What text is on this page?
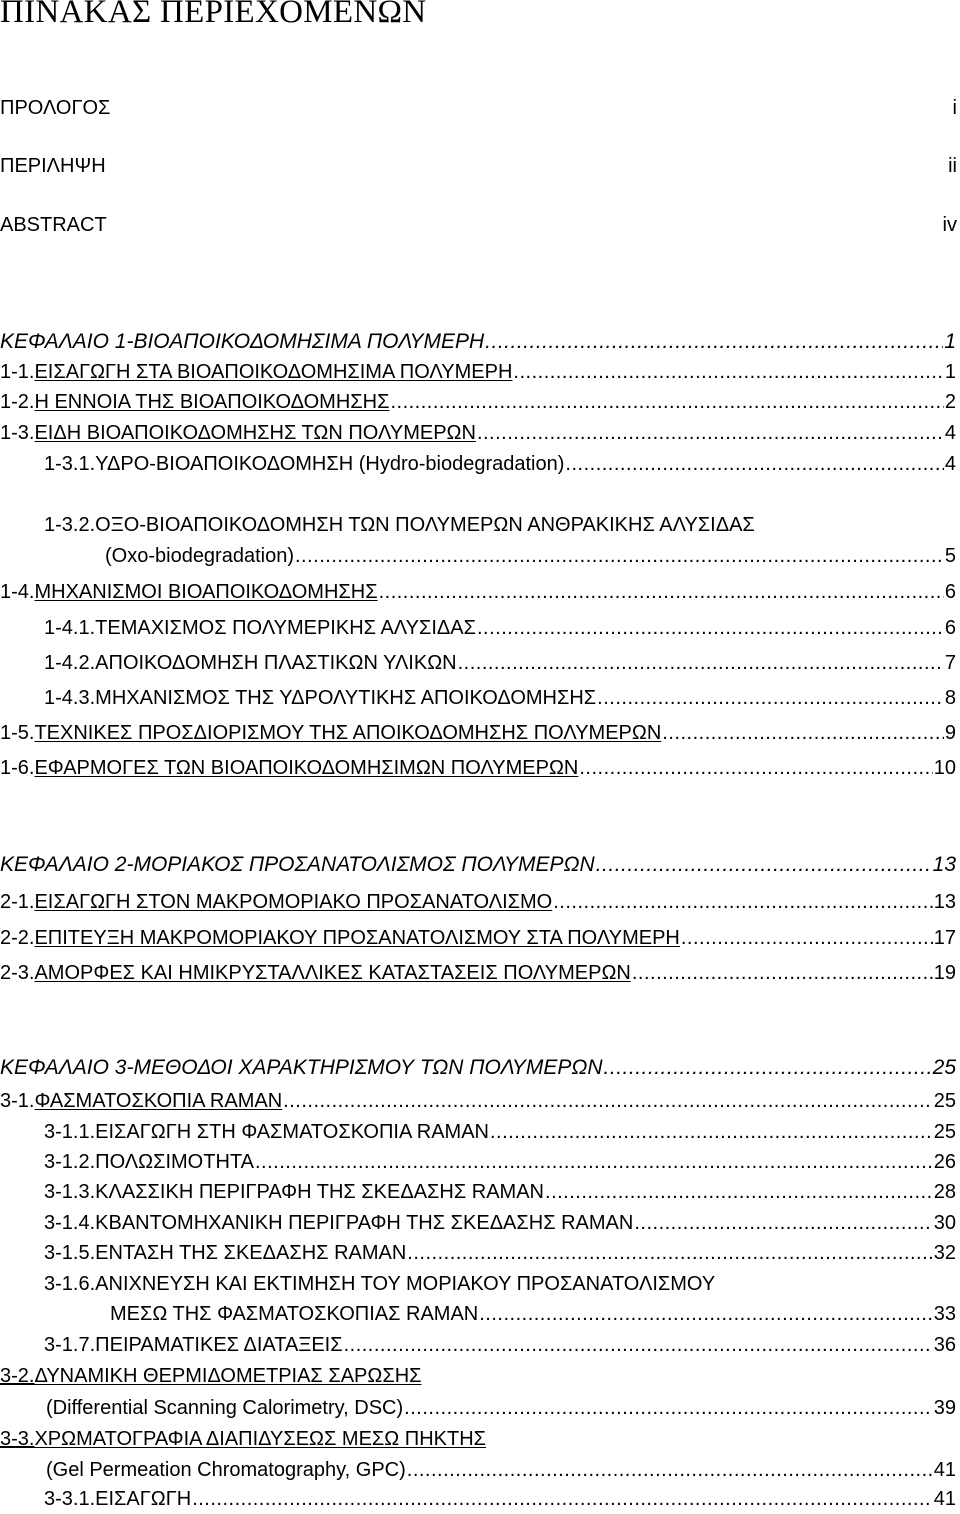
ΠΙΝΑΚΑΣ ΠΕΡΙΕΧΟΜΕΝΩΝ
ΠΡΟΛΟΓΟΣ	i
ΠΕΡΙΛΗΨΗ	ii
ABSTRACT	iv
ΚΕΦΑΛΑΙΟ 1-ΒΙΟΑΠΟΙΚΟΔΟΜΗΣΙΜΑ ΠΟΛΥΜΕΡΗ .....	1
1-1. ΕΙΣΑΓΩΓΗ ΣΤΑ ΒΙΟΑΠΟΙΚΟΔΟΜΗΣΙΜΑ ΠΟΛΥΜΕΡΗ .....	1
1-2. Η ΕΝΝΟΙΑ ΤΗΣ ΒΙΟΑΠΟΙΚΟΔΟΜΗΣΗΣ .....	2
1-3. ΕΙΔΗ ΒΙΟΑΠΟΙΚΟΔΟΜΗΣΗΣ ΤΩΝ ΠΟΛΥΜΕΡΩΝ .....	4
1-3.1. ΥΔΡΟ-ΒΙΟΑΠΟΙΚΟΔΟΜΗΣΗ (Hydro-biodegradation) .....	4
1-3.2. ΟΞΟ-ΒΙΟΑΠΟΙΚΟΔΟΜΗΣΗ ΤΩΝ ΠΟΛΥΜΕΡΩΝ ΑΝΘΡΑΚΙΚΗΣ ΑΛΥΣΙΔΑΣ
(Oxo-biodegradation) .....	5
1-4. ΜΗΧΑΝΙΣΜΟΙ ΒΙΟΑΠΟΙΚΟΔΟΜΗΣΗΣ .....	6
1-4.1. ΤΕΜΑΧΙΣΜΟΣ ΠΟΛΥΜΕΡΙΚΗΣ ΑΛΥΣΙΔΑΣ .....	6
1-4.2. ΑΠΟΙΚΟΔΟΜΗΣΗ ΠΛΑΣΤΙΚΩΝ ΥΛΙΚΩΝ .....	7
1-4.3. ΜΗΧΑΝΙΣΜΟΣ ΤΗΣ ΥΔΡΟΛΥΤΙΚΗΣ ΑΠΟΙΚΟΔΟΜΗΣΗΣ .....	8
1-5. ΤΕΧΝΙΚΕΣ ΠΡΟΣΔΙΟΡΙΣΜΟΥ ΤΗΣ ΑΠΟΙΚΟΔΟΜΗΣΗΣ ΠΟΛΥΜΕΡΩΝ .....	9
1-6. ΕΦΑΡΜΟΓΕΣ ΤΩΝ ΒΙΟΑΠΟΙΚΟΔΟΜΗΣΙΜΩΝ ΠΟΛΥΜΕΡΩΝ .....	10
ΚΕΦΑΛΑΙΟ 2-ΜΟΡΙΑΚΟΣ ΠΡΟΣΑΝΑΤΟΛΙΣΜΟΣ ΠΟΛΥΜΕΡΩΝ .....	13
2-1. ΕΙΣΑΓΩΓΗ ΣΤΟΝ ΜΑΚΡΟΜΟΡΙΑΚΟ ΠΡΟΣΑΝΑΤΟΛΙΣΜΟ .....	13
2-2. ΕΠΙΤΕΥΞΗ ΜΑΚΡΟΜΟΡΙΑΚΟΥ ΠΡΟΣΑΝΑΤΟΛΙΣΜΟΥ ΣΤΑ ΠΟΛΥΜΕΡΗ .....	17
2-3. ΑΜΟΡΦΕΣ ΚΑΙ ΗΜΙΚΡΥΣΤΑΛΛΙΚΕΣ ΚΑΤΑΣΤΑΣΕΙΣ ΠΟΛΥΜΕΡΩΝ .....	19
ΚΕΦΑΛΑΙΟ 3-ΜΕΘΟΔΟΙ ΧΑΡΑΚΤΗΡΙΣΜΟΥ ΤΩΝ ΠΟΛΥΜΕΡΩΝ .....	25
3-1. ΦΑΣΜΑΤΟΣΚΟΠΙΑ RAMAN .....	25
3-1.1. ΕΙΣΑΓΩΓΗ ΣΤΗ ΦΑΣΜΑΤΟΣΚΟΠΙΑ RAMAN .....	25
3-1.2. ΠΟΛΩΣΙΜΟΤΗΤΑ .....	26
3-1.3. ΚΛΑΣΣΙΚΗ ΠΕΡΙΓΡΑΦΗ ΤΗΣ ΣΚΕΔΑΣΗΣ RAMAN .....	28
3-1.4. ΚΒΑΝΤΟΜΗΧΑΝΙΚΗ ΠΕΡΙΓΡΑΦΗ ΤΗΣ ΣΚΕΔΑΣΗΣ RAMAN .....	30
3-1.5. ΕΝΤΑΣΗ ΤΗΣ ΣΚΕΔΑΣΗΣ RAMAN .....	32
3-1.6. ΑΝΙΧΝΕΥΣΗ ΚΑΙ ΕΚΤΙΜΗΣΗ ΤΟΥ ΜΟΡΙΑΚΟΥ ΠΡΟΣΑΝΑΤΟΛΙΣΜΟΥ
ΜΕΣΩ ΤΗΣ ΦΑΣΜΑΤΟΣΚΟΠΙΑΣ RAMAN .....	33
3-1.7. ΠΕΙΡΑΜΑΤΙΚΕΣ ΔΙΑΤΑΞΕΙΣ .....	36
3-2. ΔΥΝΑΜΙΚΗ ΘΕΡΜΙΔΟΜΕΤΡΙΑΣ ΣΑΡΩΣΗΣ
(Differential Scanning Calorimetry, DSC) .....	39
3-3. ΧΡΩΜΑΤΟΓΡΑΦΙΑ ΔΙΑΠΙΔΥΣΕΩΣ ΜΕΣΩ ΠΗΚΤΗΣ
(Gel Permeation Chromatography, GPC) .....	41
3-3.1. ΕΙΣΑΓΩΓΗ .....	41
